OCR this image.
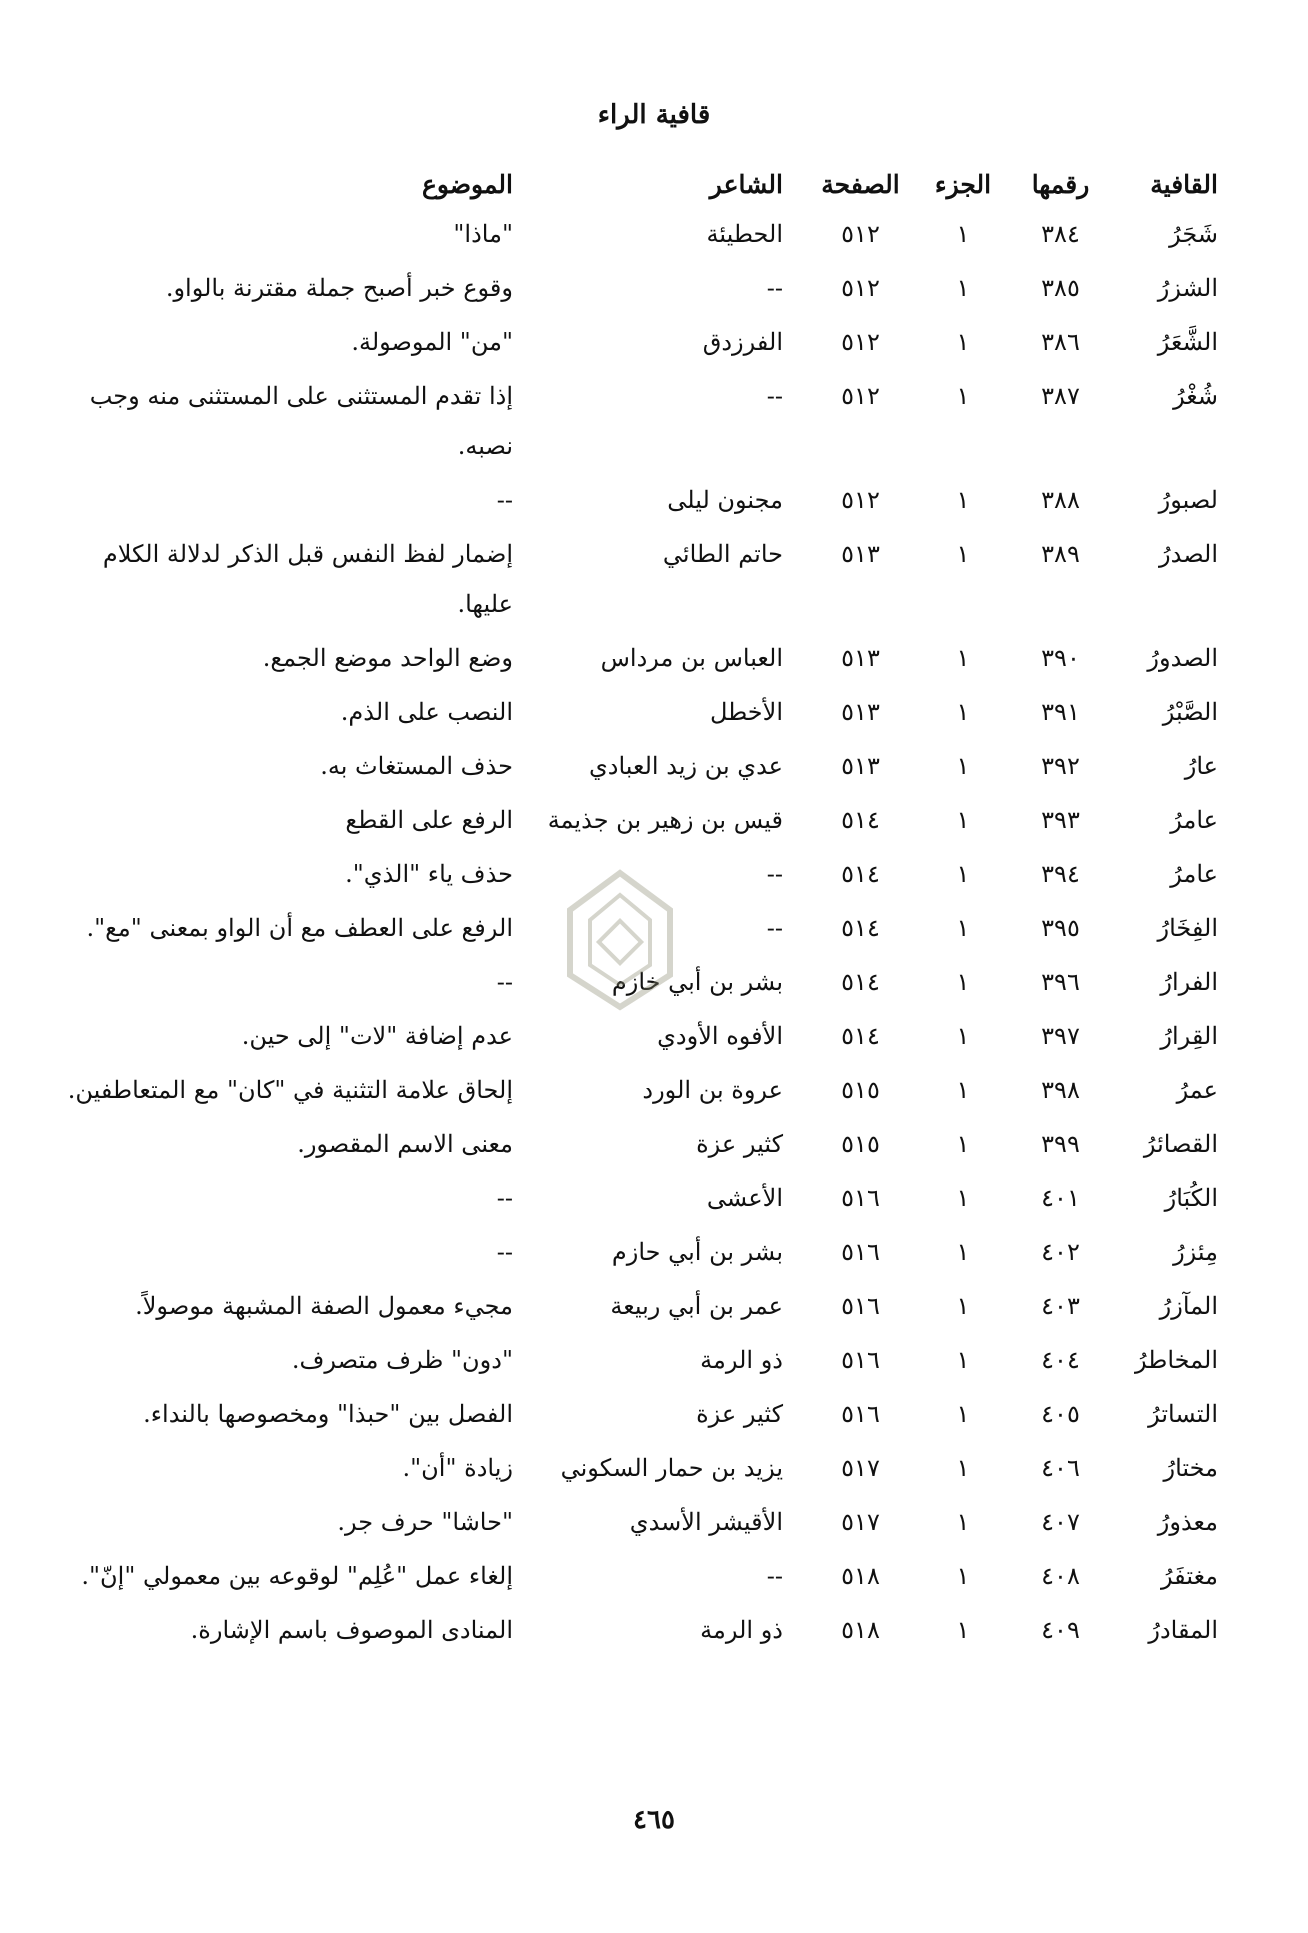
قافية الراء
القافية	رقمها	الجزء	الصفحة	الشاعر	الموضوع
شَجَرُ	٣٨٤	١	٥١٢	الحطيئة	"ماذا"
الشزرُ	٣٨٥	١	٥١٢	--	وقوع خبر أصبح جملة مقترنة بالواو.
الشَّعَرُ	٣٨٦	١	٥١٢	الفرزدق	"من" الموصولة.
شُغْرُ	٣٨٧	١	٥١٢	--	إذا تقدم المستثنى على المستثنى منه وجب نصبه.
لصبورُ	٣٨٨	١	٥١٢	مجنون ليلى	--
الصدرُ	٣٨٩	١	٥١٣	حاتم الطائي	إضمار لفظ النفس قبل الذكر لدلالة الكلام عليها.
الصدورُ	٣٩٠	١	٥١٣	العباس بن مرداس	وضع الواحد موضع الجمع.
الصَّبْرُ	٣٩١	١	٥١٣	الأخطل	النصب على الذم.
عارُ	٣٩٢	١	٥١٣	عدي بن زيد العبادي	حذف المستغاث به.
عامرُ	٣٩٣	١	٥١٤	قيس بن زهير بن جذيمة	الرفع على القطع
عامرُ	٣٩٤	١	٥١٤	--	حذف ياء "الذي".
الفِخَارُ	٣٩٥	١	٥١٤	--	الرفع على العطف مع أن الواو بمعنى "مع".
الفرارُ	٣٩٦	١	٥١٤	بشر بن أبي خازم	--
القِرارُ	٣٩٧	١	٥١٤	الأفوه الأودي	عدم إضافة "لات" إلى حين.
عمرُ	٣٩٨	١	٥١٥	عروة بن الورد	إلحاق علامة التثنية في "كان" مع المتعاطفين.
القصائرُ	٣٩٩	١	٥١٥	كثير عزة	معنى الاسم المقصور.
الكُبَارُ	٤٠١	١	٥١٦	الأعشى	--
مِئزرُ	٤٠٢	١	٥١٦	بشر بن أبي حازم	--
المآزرُ	٤٠٣	١	٥١٦	عمر بن أبي ربيعة	مجيء معمول الصفة المشبهة موصولاً.
المخاطرُ	٤٠٤	١	٥١٦	ذو الرمة	"دون" ظرف متصرف.
التساترُ	٤٠٥	١	٥١٦	كثير عزة	الفصل بين "حبذا" ومخصوصها بالنداء.
مختارُ	٤٠٦	١	٥١٧	يزيد بن حمار السكوني	زيادة "أن".
معذورُ	٤٠٧	١	٥١٧	الأقيشر الأسدي	"حاشا" حرف جر.
مغتفَرُ	٤٠٨	١	٥١٨	--	إلغاء عمل "عُلِم" لوقوعه بين معمولي "إنّ".
المقادرُ	٤٠٩	١	٥١٨	ذو الرمة	المنادى الموصوف باسم الإشارة.
٤٦٥
